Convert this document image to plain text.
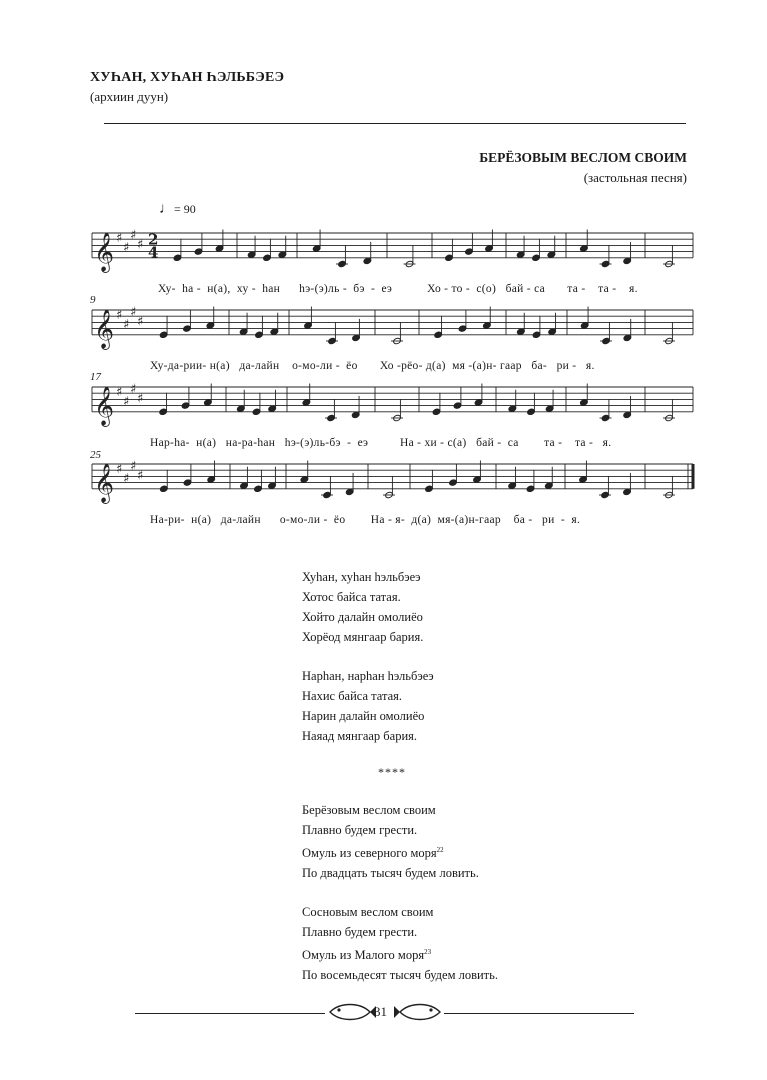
ХУҺАН, ХУҺАН ҺЭЛЬБЭЕЭ
(архиин дуун)
БЕРЁЗОВЫМ ВЕСЛОМ СВОИМ
(застольная песня)
♩= 90
𝄞 ♯
♯
♯
♯
𝄞 ♯
♯
♯
♯
𝄞 ♯
♯
♯
♯
𝄞 ♯
♯
♯
♯
2
4
9
17
25
Ху-  һа -  н(а),  ху -  һан      һэ-(э)ль -  бэ  -  еэ           Хо - то -  с(о)   бай - са       та -    та -    я.
Ху-да-рии- н(а)   да-лайн    о-мо-ли -  ёо       Хо -рёо- д(а)  мя -(а)н- гаар   ба-   ри -   я.
Нар-һа-  н(а)   на-ра-һан   һэ-(э)ль-бэ  -  еэ          На - хи - с(а)   бай -  са        та -    та -   я.
На-ри-  н(а)   да-лайн      о-мо-ли -  ёо        На - я-  д(а)  мя-(а)н-гаар    ба -   ри  -  я.
Хуһан, хуһан һэльбэеэ
Хотос байса татая.
Хойто далайн омолиёо
Хорёод мянгаар бария.
Нарһан, нарһан һэльбэеэ
Нахис байса татая.
Нарин далайн омолиёо
Наяад мянгаар бария.
****
Берёзовым веслом своим
Плавно будем грести.
Омуль из северного моря$^{22}$
По двадцать тысяч будем ловить.
Сосновым веслом своим
Плавно будем грести.
Омуль из Малого моря$^{23}$
По восемьдесят тысяч будем ловить.
31
